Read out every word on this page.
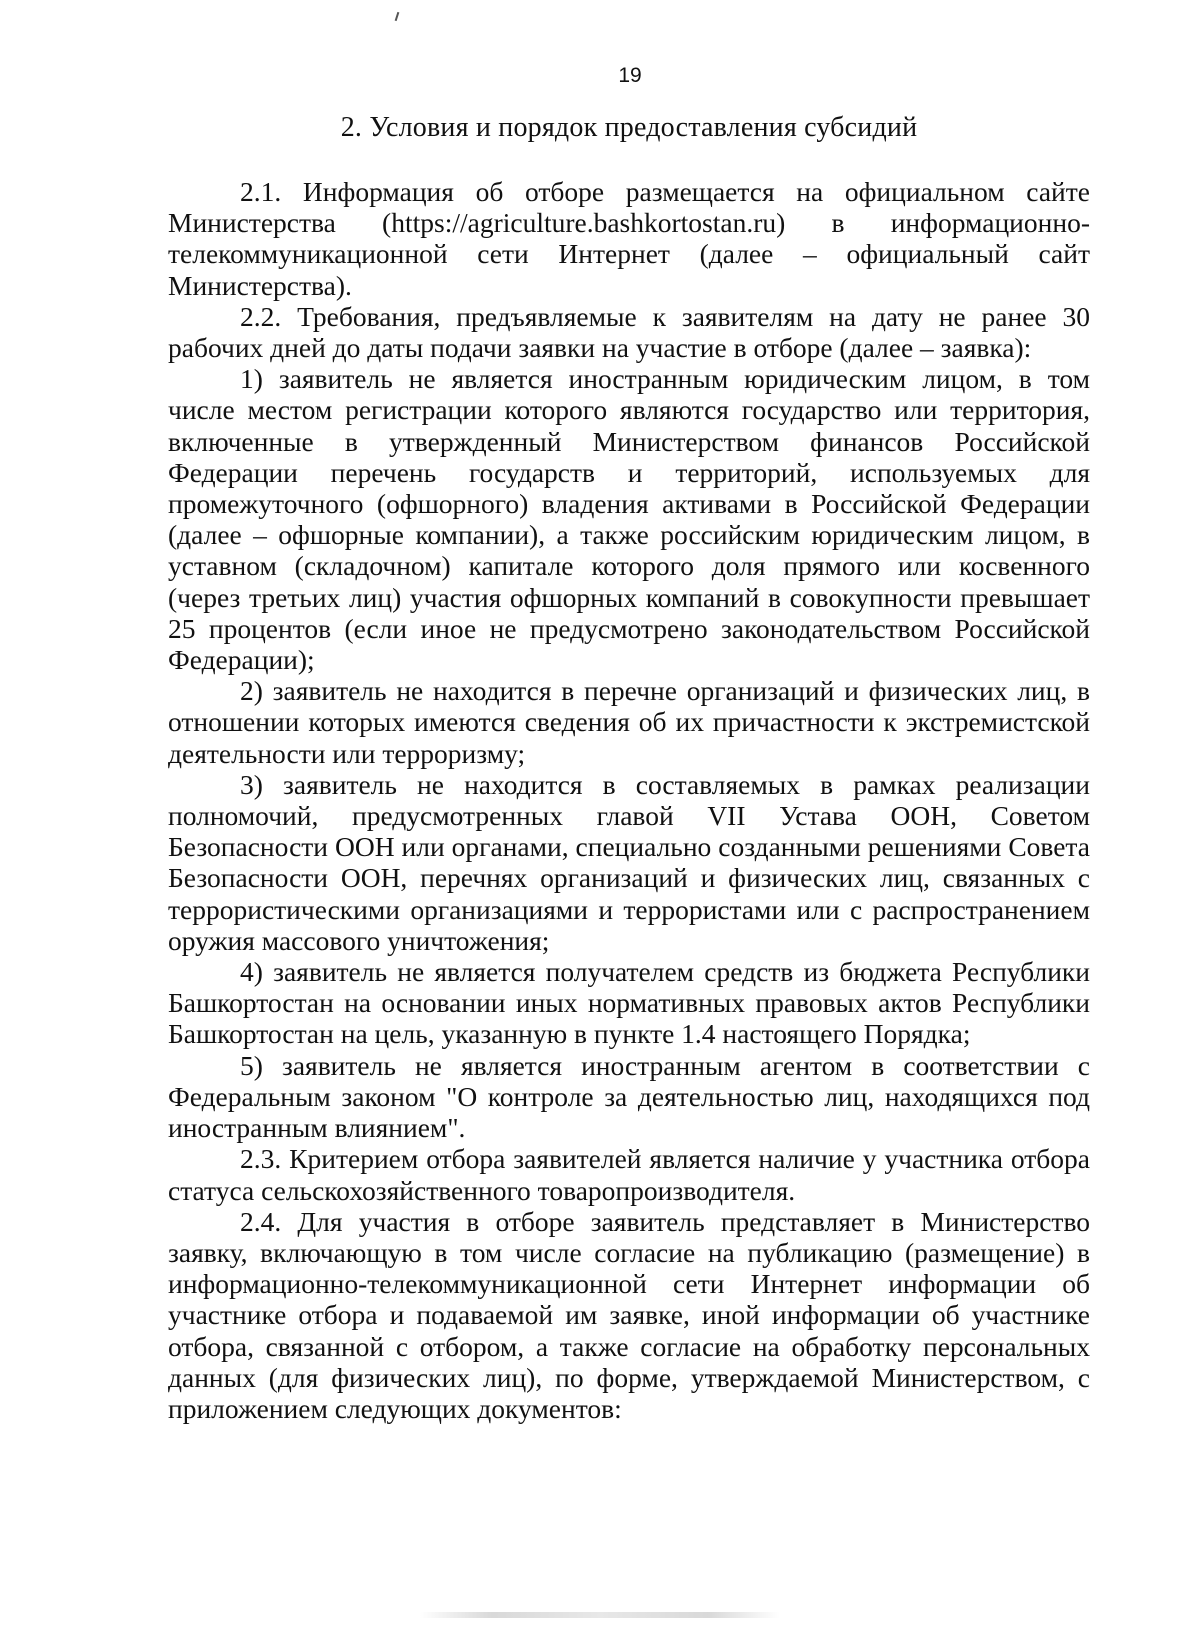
19
2. Условия и порядок предоставления субсидий

2.1. Информация об отборе размещается на официальном сайте Министерства (https://agriculture.bashkortostan.ru) в информационно-телекоммуникационной сети Интернет (далее – официальный сайт Министерства).

2.2. Требования, предъявляемые к заявителям на дату не ранее 30 рабочих дней до даты подачи заявки на участие в отборе (далее – заявка):

1) заявитель не является иностранным юридическим лицом, в том числе местом регистрации которого являются государство или территория, включенные в утвержденный Министерством финансов Российской Федерации перечень государств и территорий, используемых для промежуточного (офшорного) владения активами в Российской Федерации (далее – офшорные компании), а также российским юридическим лицом, в уставном (складочном) капитале которого доля прямого или косвенного (через третьих лиц) участия офшорных компаний в совокупности превышает 25 процентов (если иное не предусмотрено законодательством Российской Федерации);

2) заявитель не находится в перечне организаций и физических лиц, в отношении которых имеются сведения об их причастности к экстремистской деятельности или терроризму;

3) заявитель не находится в составляемых в рамках реализации полномочий, предусмотренных главой VII Устава ООН, Советом Безопасности ООН или органами, специально созданными решениями Совета Безопасности ООН, перечнях организаций и физических лиц, связанных с террористическими организациями и террористами или с распространением оружия массового уничтожения;

4) заявитель не является получателем средств из бюджета Республики Башкортостан на основании иных нормативных правовых актов Республики Башкортостан на цель, указанную в пункте 1.4 настоящего Порядка;

5) заявитель не является иностранным агентом в соответствии с Федеральным законом "О контроле за деятельностью лиц, находящихся под иностранным влиянием".

2.3. Критерием отбора заявителей является наличие у участника отбора статуса сельскохозяйственного товаропроизводителя.

2.4. Для участия в отборе заявитель представляет в Министерство заявку, включающую в том числе согласие на публикацию (размещение) в информационно-телекоммуникационной сети Интернет информации об участнике отбора и подаваемой им заявке, иной информации об участнике отбора, связанной с отбором, а также согласие на обработку персональных данных (для физических лиц), по форме, утверждаемой Министерством, с приложением следующих документов:
